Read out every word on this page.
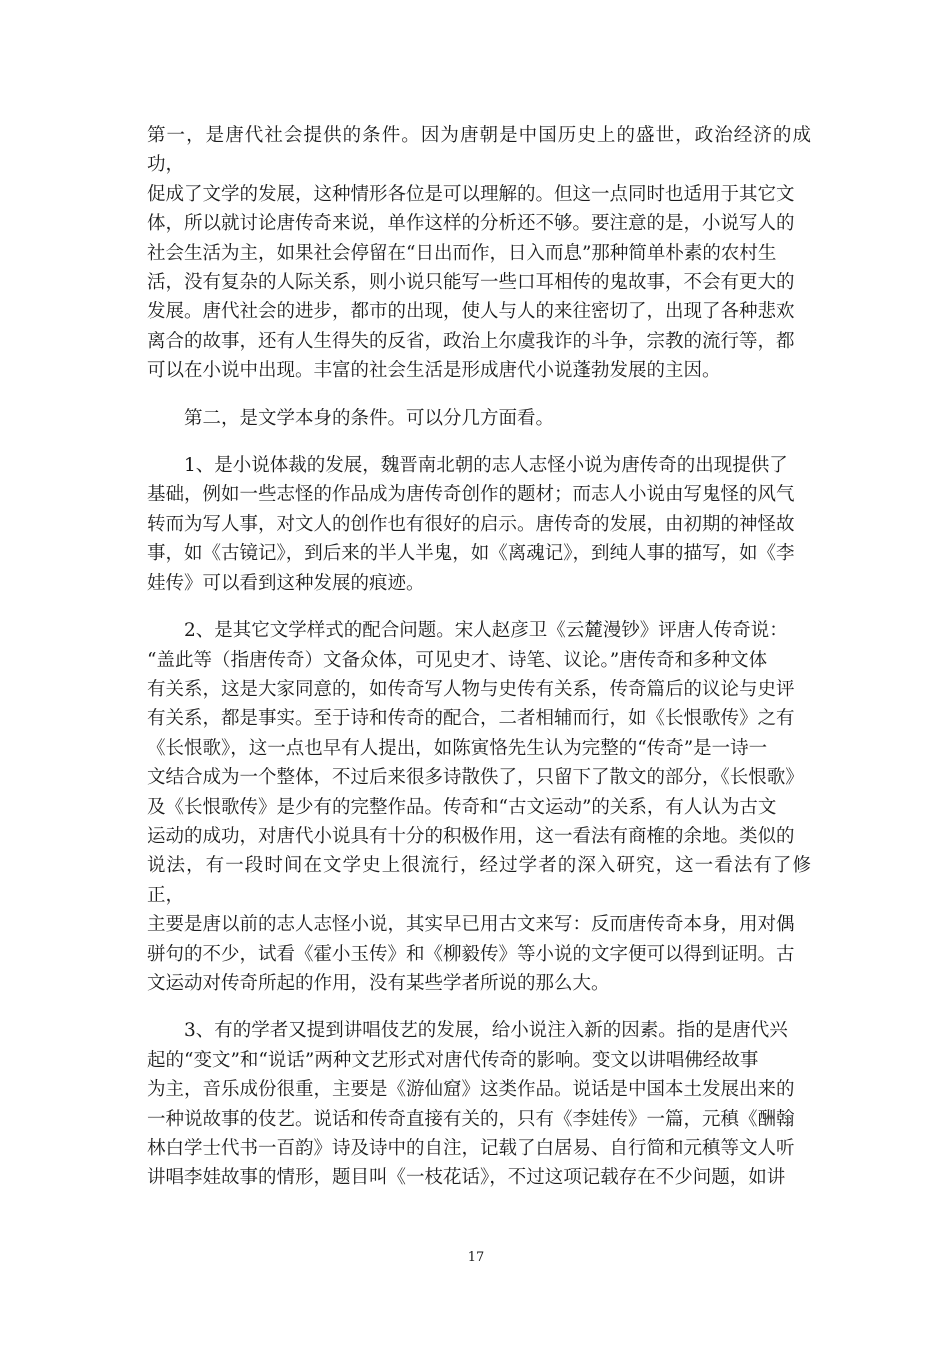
第一，是唐代社会提供的条件。因为唐朝是中国历史上的盛世，政治经济的成功，
促成了文学的发展，这种情形各位是可以理解的。但这一点同时也适用于其它文
体，所以就讨论唐传奇来说，单作这样的分析还不够。要注意的是，小说写人的
社会生活为主，如果社会停留在“日出而作，日入而息”那种简单朴素的农村生
活，没有复杂的人际关系，则小说只能写一些口耳相传的鬼故事，不会有更大的
发展。唐代社会的进步，都市的出现，使人与人的来往密切了，出现了各种悲欢
离合的故事，还有人生得失的反省，政治上尔虞我诈的斗争，宗教的流行等，都
可以在小说中出现。丰富的社会生活是形成唐代小说蓬勃发展的主因。

第二，是文学本身的条件。可以分几方面看。

1、是小说体裁的发展，魏晋南北朝的志人志怪小说为唐传奇的出现提供了
基础，例如一些志怪的作品成为唐传奇创作的题材；而志人小说由写鬼怪的风气
转而为写人事，对文人的创作也有很好的启示。唐传奇的发展，由初期的神怪故
事，如《古镜记》，到后来的半人半鬼，如《离魂记》，到纯人事的描写，如《李
娃传》可以看到这种发展的痕迹。

2、是其它文学样式的配合问题。宋人赵彦卫《云麓漫钞》评唐人传奇说：
“盖此等（指唐传奇）文备众体，可见史才、诗笔、议论。”唐传奇和多种文体
有关系，这是大家同意的，如传奇写人物与史传有关系，传奇篇后的议论与史评
有关系，都是事实。至于诗和传奇的配合，二者相辅而行，如《长恨歌传》之有
《长恨歌》，这一点也早有人提出，如陈寅恪先生认为完整的“传奇”是一诗一
文结合成为一个整体，不过后来很多诗散佚了，只留下了散文的部分，《长恨歌》
及《长恨歌传》是少有的完整作品。传奇和“古文运动”的关系，有人认为古文
运动的成功，对唐代小说具有十分的积极作用，这一看法有商榷的余地。类似的
说法，有一段时间在文学史上很流行，经过学者的深入研究，这一看法有了修正，
主要是唐以前的志人志怪小说，其实早已用古文来写：反而唐传奇本身，用对偶
骈句的不少，试看《霍小玉传》和《柳毅传》等小说的文字便可以得到证明。古
文运动对传奇所起的作用，没有某些学者所说的那么大。

3、有的学者又提到讲唱伎艺的发展，给小说注入新的因素。指的是唐代兴
起的“变文”和“说话”两种文艺形式对唐代传奇的影响。变文以讲唱佛经故事
为主，音乐成份很重，主要是《游仙窟》这类作品。说话是中国本土发展出来的
一种说故事的伎艺。说话和传奇直接有关的，只有《李娃传》一篇，元稹《酬翰
林白学士代书一百韵》诗及诗中的自注，记载了白居易、自行简和元稹等文人听
讲唱李娃故事的情形，题目叫《一枝花话》，不过这项记载存在不少问题，如讲

17
